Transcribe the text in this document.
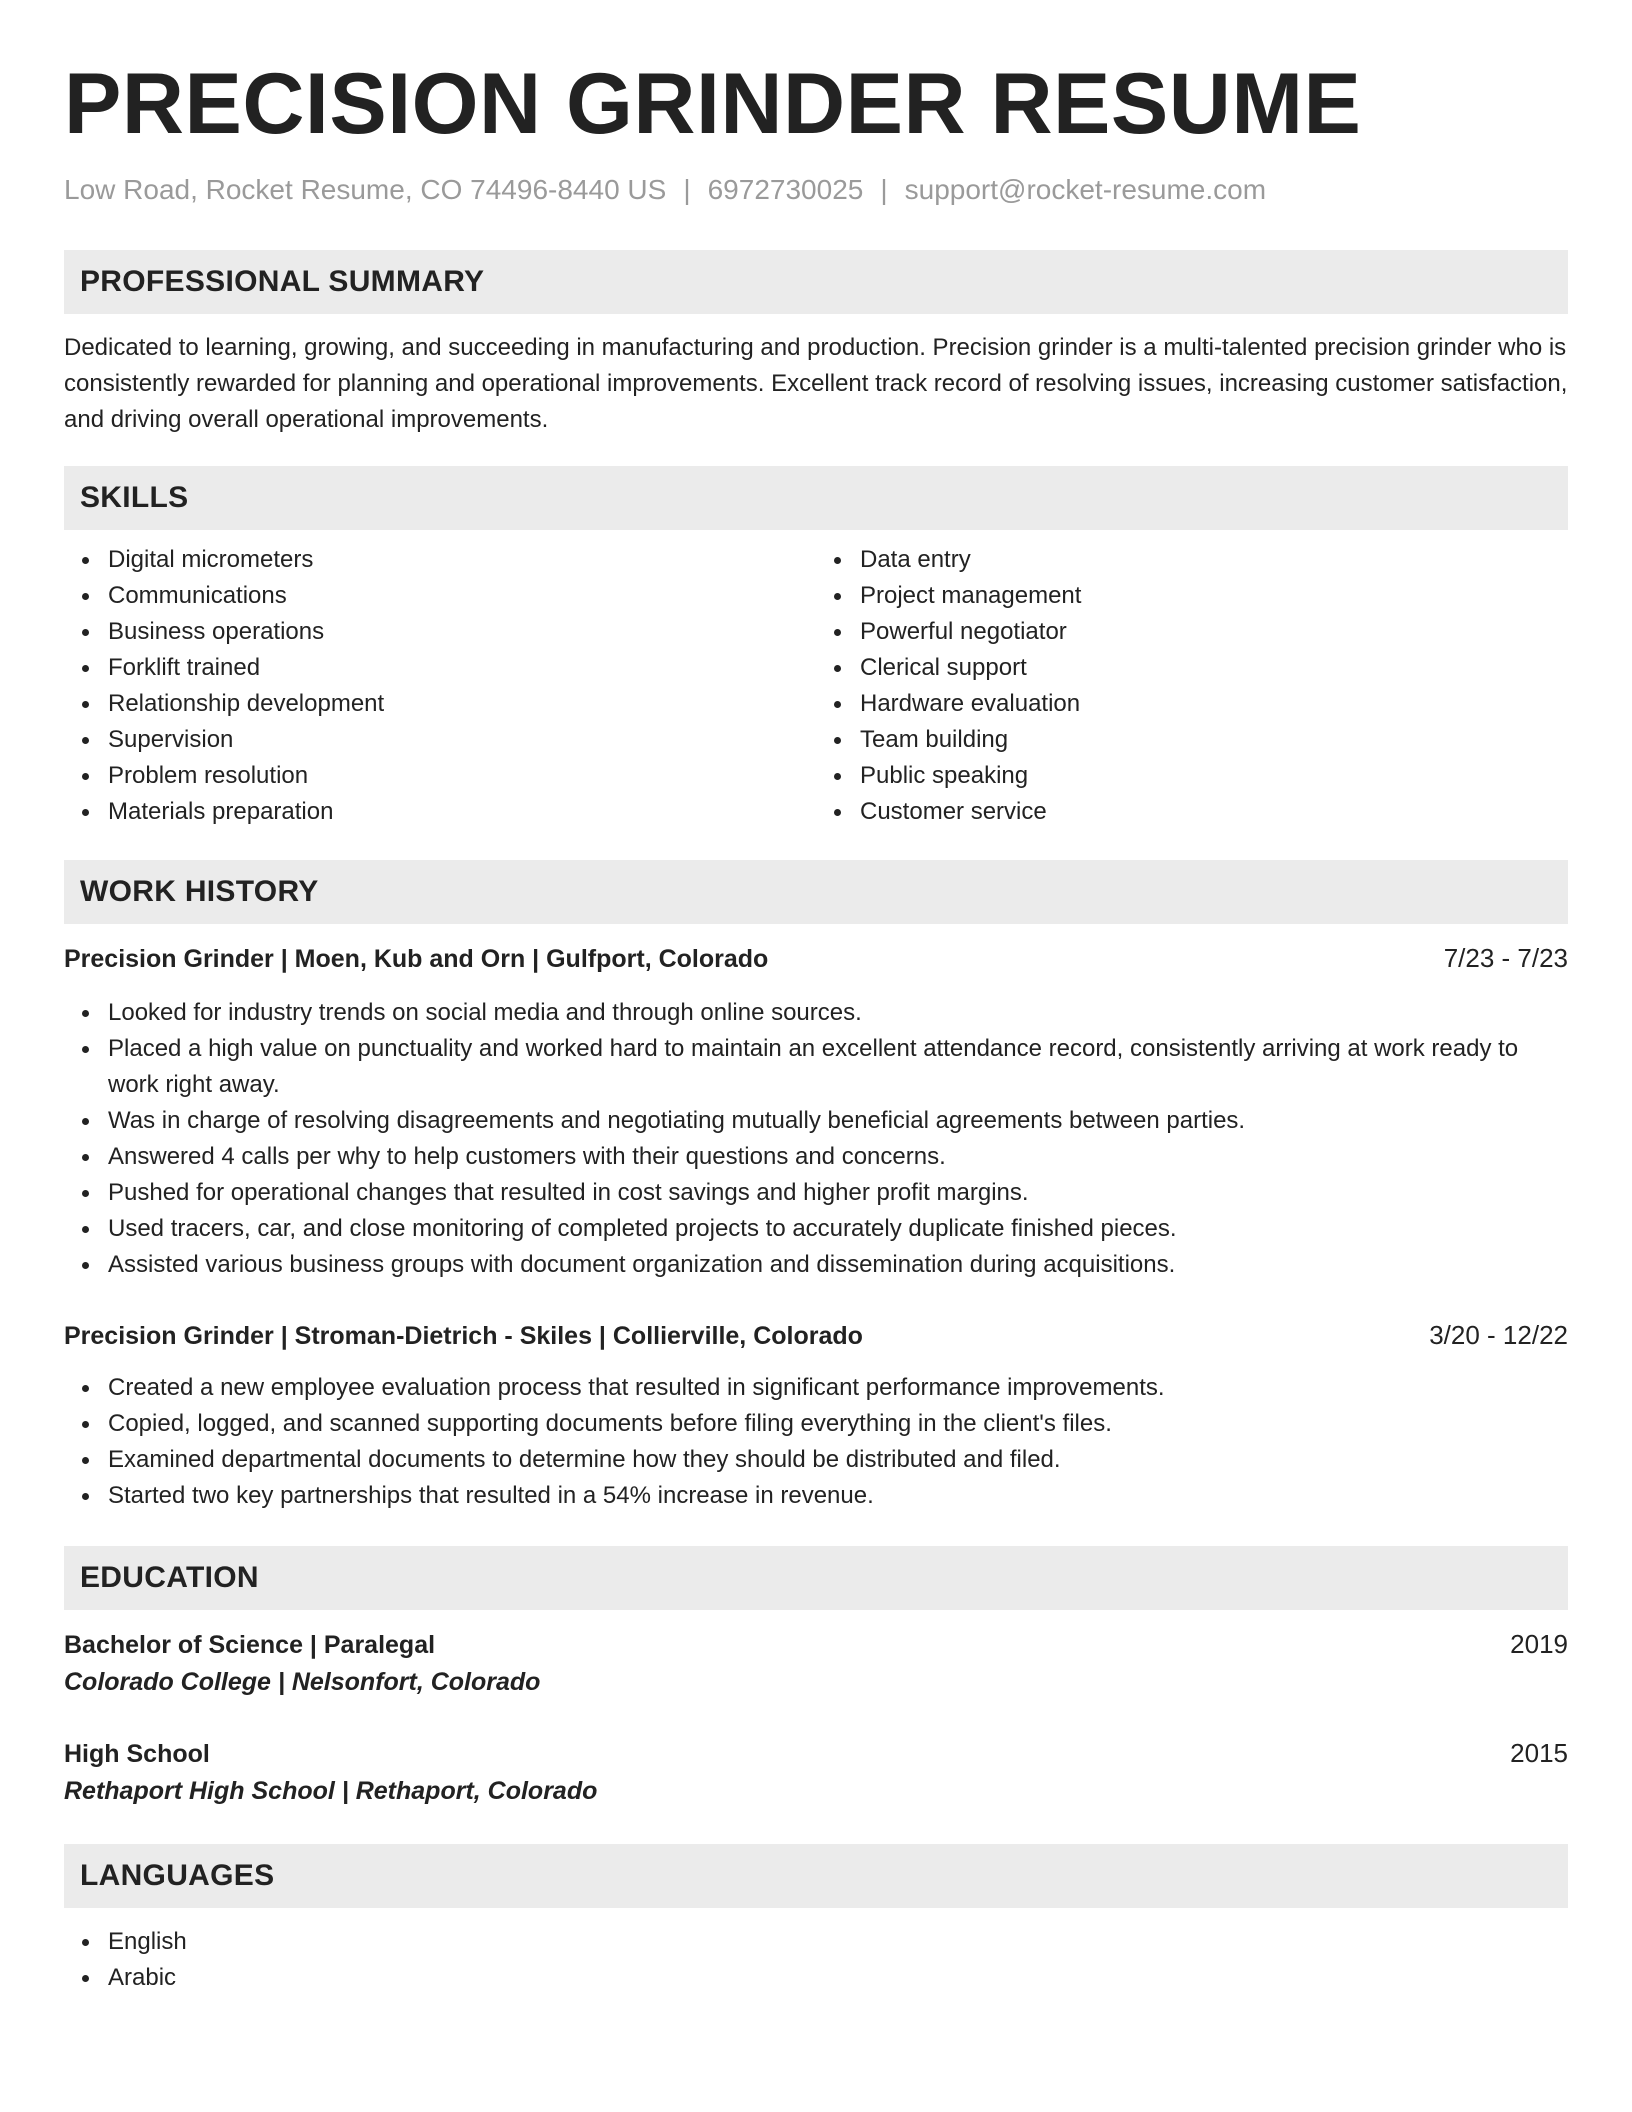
PRECISION GRINDER RESUME
Low Road, Rocket Resume, CO 74496-8440 US | 6972730025 | support@rocket-resume.com
PROFESSIONAL SUMMARY

Dedicated to learning, growing, and succeeding in manufacturing and production. Precision grinder is a multi-talented precision grinder who is consistently rewarded for planning and operational improvements. Excellent track record of resolving issues, increasing customer satisfaction, and driving overall operational improvements.

SKILLS
Digital micrometers
Communications
Business operations
Forklift trained
Relationship development
Supervision
Problem resolution
Materials preparation
Data entry
Project management
Powerful negotiator
Clerical support
Hardware evaluation
Team building
Public speaking
Customer service
WORK HISTORY
Precision Grinder | Moen, Kub and Orn | Gulfport, Colorado	7/23 - 7/23
Looked for industry trends on social media and through online sources.
Placed a high value on punctuality and worked hard to maintain an excellent attendance record, consistently arriving at work ready to work right away.
Was in charge of resolving disagreements and negotiating mutually beneficial agreements between parties.
Answered 4 calls per why to help customers with their questions and concerns.
Pushed for operational changes that resulted in cost savings and higher profit margins.
Used tracers, car, and close monitoring of completed projects to accurately duplicate finished pieces.
Assisted various business groups with document organization and dissemination during acquisitions.
Precision Grinder | Stroman-Dietrich - Skiles | Collierville, Colorado	3/20 - 12/22
Created a new employee evaluation process that resulted in significant performance improvements.
Copied, logged, and scanned supporting documents before filing everything in the client's files.
Examined departmental documents to determine how they should be distributed and filed.
Started two key partnerships that resulted in a 54% increase in revenue.
EDUCATION
Bachelor of Science | Paralegal	2019
Colorado College | Nelsonfort, Colorado
High School	2015
Rethaport High School | Rethaport, Colorado
LANGUAGES
English
Arabic
